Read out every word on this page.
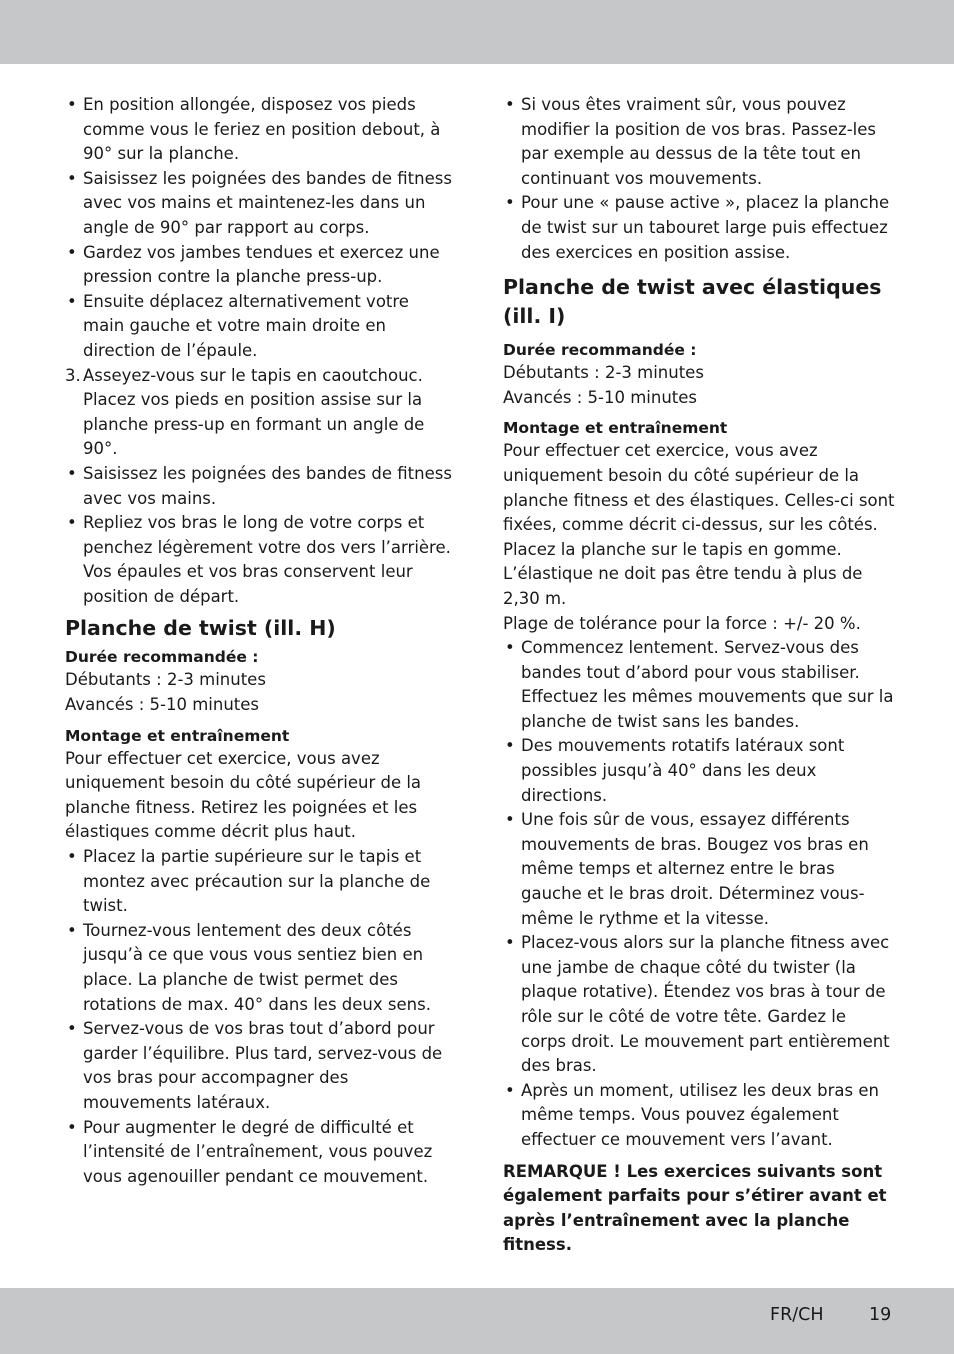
• En position allongée, disposez vos pieds comme vous le feriez en position debout, à 90° sur la planche.
• Saisissez les poignées des bandes de fitness avec vos mains et maintenez-les dans un angle de 90° par rapport au corps.
• Gardez vos jambes tendues et exercez une pression contre la planche press-up.
• Ensuite déplacez alternativement votre main gauche et votre main droite en direction de l’épaule.
3. Asseyez-vous sur le tapis en caoutchouc. Placez vos pieds en position assise sur la planche press-up en formant un angle de 90°.
• Saisissez les poignées des bandes de fitness avec vos mains.
• Repliez vos bras le long de votre corps et penchez légèrement votre dos vers l’arrière. Vos épaules et vos bras conservent leur position de départ.
Planche de twist (ill. H)
Durée recommandée :

Débutants : 2-3 minutes

Avancés : 5-10 minutes

Montage et entraînement

Pour effectuer cet exercice, vous avez uniquement besoin du côté supérieur de la planche fitness. Retirez les poignées et les élastiques comme décrit plus haut.

• Placez la partie supérieure sur le tapis et montez avec précaution sur la planche de twist.
• Tournez-vous lentement des deux côtés jusqu’à ce que vous vous sentiez bien en place. La planche de twist permet des rotations de max. 40° dans les deux sens.
• Servez-vous de vos bras tout d’abord pour garder l’équilibre. Plus tard, servez-vous de vos bras pour accompagner des mouvements latéraux.
• Pour augmenter le degré de difficulté et l’intensité de l’entraînement, vous pouvez vous agenouiller pendant ce mouvement.
• Si vous êtes vraiment sûr, vous pouvez modifier la position de vos bras. Passez-les par exemple au dessus de la tête tout en continuant vos mouvements.
• Pour une « pause active », placez la planche de twist sur un tabouret large puis effectuez des exercices en position assise.
Planche de twist avec élastiques (ill. I)
Durée recommandée :

Débutants : 2-3 minutes

Avancés : 5-10 minutes

Montage et entraînement

Pour effectuer cet exercice, vous avez uniquement besoin du côté supérieur de la planche fitness et des élastiques. Celles-ci sont fixées, comme décrit ci-dessus, sur les côtés. Placez la planche sur le tapis en gomme.

L’élastique ne doit pas être tendu à plus de 2,30 m.

Plage de tolérance pour la force : +/- 20 %.

• Commencez lentement. Servez-vous des bandes tout d’abord pour vous stabiliser. Effectuez les mêmes mouvements que sur la planche de twist sans les bandes.
• Des mouvements rotatifs latéraux sont possibles jusqu’à 40° dans les deux directions.
• Une fois sûr de vous, essayez différents mouvements de bras. Bougez vos bras en même temps et alternez entre le bras gauche et le bras droit. Déterminez vous-même le rythme et la vitesse.
• Placez-vous alors sur la planche fitness avec une jambe de chaque côté du twister (la plaque rotative). Étendez vos bras à tour de rôle sur le côté de votre tête. Gardez le corps droit. Le mouvement part entièrement des bras.
• Après un moment, utilisez les deux bras en même temps. Vous pouvez également effectuer ce mouvement vers l’avant.

REMARQUE ! Les exercices suivants sont également parfaits pour s’étirer avant et après l’entraînement avec la planche fitness.

FR/CH	19
